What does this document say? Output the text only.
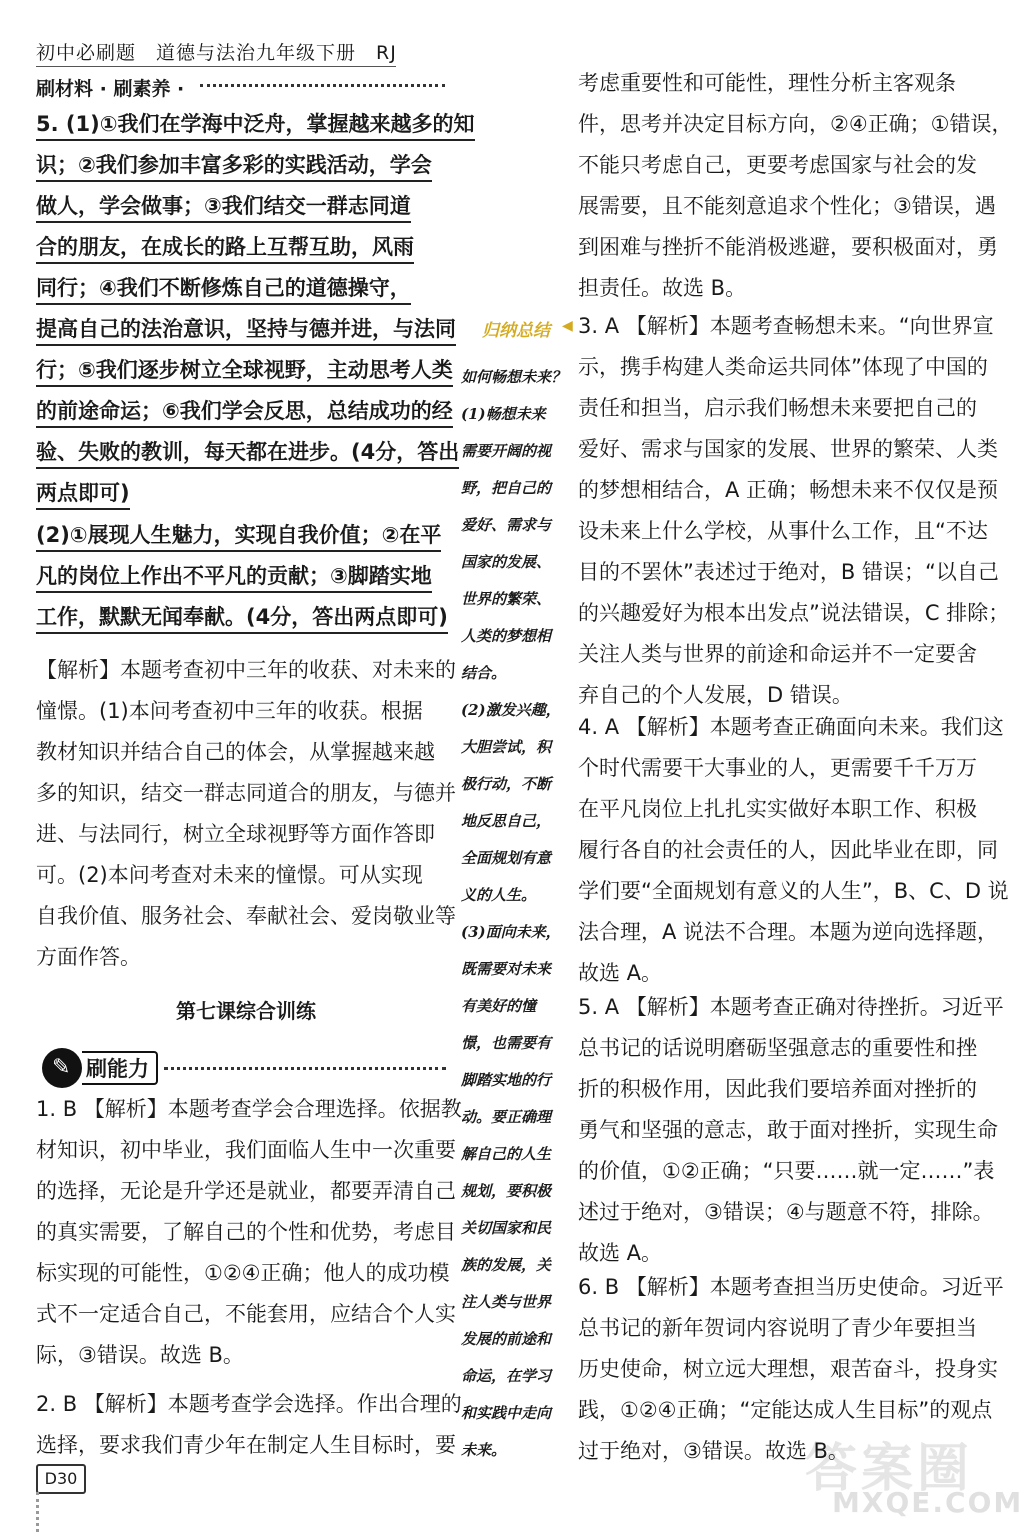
初中必刷题　道德与法治九年级下册　RJ
刷材料 · 刷素养 ·
5. (1)①我们在学海中泛舟，掌握越来越多的知
识；②我们参加丰富多彩的实践活动，学会
做人，学会做事；③我们结交一群志同道
合的朋友，在成长的路上互帮互助，风雨
同行；④我们不断修炼自己的道德操守，
提高自己的法治意识，坚持与德并进，与法同
行；⑤我们逐步树立全球视野，主动思考人类
的前途命运；⑥我们学会反思，总结成功的经
验、失败的教训，每天都在进步。(4分，答出
两点即可)
(2)①展现人生魅力，实现自我价值；②在平
凡的岗位上作出不平凡的贡献；③脚踏实地
工作，默默无闻奉献。(4分，答出两点即可)
【解析】本题考查初中三年的收获、对未来的
憧憬。(1)本问考查初中三年的收获。根据
教材知识并结合自己的体会，从掌握越来越
多的知识，结交一群志同道合的朋友，与德并
进、与法同行，树立全球视野等方面作答即
可。(2)本问考查对未来的憧憬。可从实现
自我价值、服务社会、奉献社会、爱岗敬业等
方面作答。
第七课综合训练
✎ 刷能力
1. B 【解析】本题考查学会合理选择。依据教
材知识，初中毕业，我们面临人生中一次重要
的选择，无论是升学还是就业，都要弄清自己
的真实需要，了解自己的个性和优势，考虑目
标实现的可能性，①②④正确；他人的成功模
式不一定适合自己，不能套用，应结合个人实
际，③错误。故选 B。
2. B 【解析】本题考查学会选择。作出合理的
选择，要求我们青少年在制定人生目标时，要
归纳总结 ◀
如何畅想未来？
(1)畅想未来
需要开阔的视
野，把自己的
爱好、需求与
国家的发展、
世界的繁荣、
人类的梦想相
结合。
(2)激发兴趣，
大胆尝试，积
极行动，不断
地反思自己，
全面规划有意
义的人生。
(3)面向未来，
既需要对未来
有美好的憧
憬，也需要有
脚踏实地的行
动。要正确理
解自己的人生
规划，要积极
关切国家和民
族的发展，关
注人类与世界
发展的前途和
命运，在学习
和实践中走向
未来。
考虑重要性和可能性，理性分析主客观条
件，思考并决定目标方向，②④正确；①错误，
不能只考虑自己，更要考虑国家与社会的发
展需要，且不能刻意追求个性化；③错误，遇
到困难与挫折不能消极逃避，要积极面对，勇
担责任。故选 B。
3. A 【解析】本题考查畅想未来。“向世界宣
示，携手构建人类命运共同体”体现了中国的
责任和担当，启示我们畅想未来要把自己的
爱好、需求与国家的发展、世界的繁荣、人类
的梦想相结合，A 正确；畅想未来不仅仅是预
设未来上什么学校，从事什么工作，且“不达
目的不罢休”表述过于绝对，B 错误；“以自己
的兴趣爱好为根本出发点”说法错误，C 排除；
关注人类与世界的前途和命运并不一定要舍
弃自己的个人发展，D 错误。
4. A 【解析】本题考查正确面向未来。我们这
个时代需要干大事业的人，更需要千千万万
在平凡岗位上扎扎实实做好本职工作、积极
履行各自的社会责任的人，因此毕业在即，同
学们要“全面规划有意义的人生”，B、C、D 说
法合理，A 说法不合理。本题为逆向选择题，
故选 A。
5. A 【解析】本题考查正确对待挫折。习近平
总书记的话说明磨砺坚强意志的重要性和挫
折的积极作用，因此我们要培养面对挫折的
勇气和坚强的意志，敢于面对挫折，实现生命
的价值，①②正确；“只要……就一定……”表
述过于绝对，③错误；④与题意不符，排除。
故选 A。
6. B 【解析】本题考查担当历史使命。习近平
总书记的新年贺词内容说明了青少年要担当
历史使命，树立远大理想，艰苦奋斗，投身实
践，①②④正确；“定能达成人生目标”的观点
过于绝对，③错误。故选 B。
D30	答案圈
MXQE.COM
